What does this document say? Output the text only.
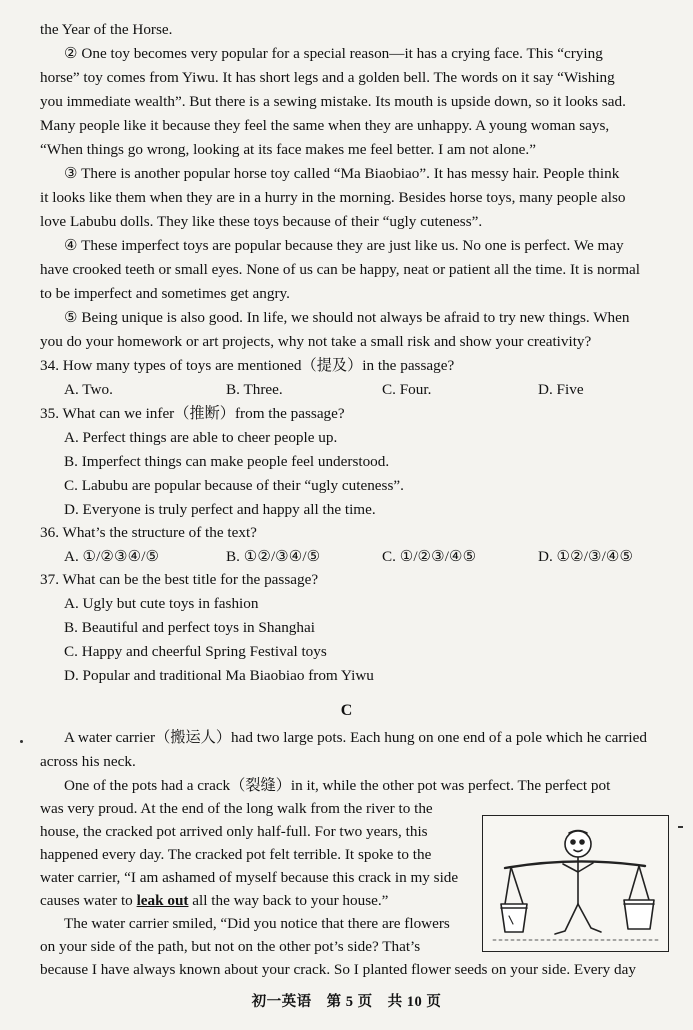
the Year of the Horse.
② One toy becomes very popular for a special reason—it has a crying face. This “crying
horse” toy comes from Yiwu. It has short legs and a golden bell. The words on it say “Wishing
you immediate wealth”. But there is a sewing mistake. Its mouth is upside down, so it looks sad.
Many people like it because they feel the same when they are unhappy. A young woman says,
“When things go wrong, looking at its face makes me feel better. I am not alone.”
③ There is another popular horse toy called “Ma Biaobiao”. It has messy hair. People think
it looks like them when they are in a hurry in the morning. Besides horse toys, many people also
love Labubu dolls. They like these toys because of their “ugly cuteness”.
④ These imperfect toys are popular because they are just like us. No one is perfect. We may
have crooked teeth or small eyes. None of us can be happy, neat or patient all the time. It is normal
to be imperfect and sometimes get angry.
⑤ Being unique is also good. In life, we should not always be afraid to try new things. When
you do your homework or art projects, why not take a small risk and show your creativity?
34. How many types of toys are mentioned（提及）in the passage?
A. Two.	B. Three.	C. Four.	D. Five
35. What can we infer（推断）from the passage?
A. Perfect things are able to cheer people up.
B. Imperfect things can make people feel understood.
C. Labubu are popular because of their “ugly cuteness”.
D. Everyone is truly perfect and happy all the time.
36. What’s the structure of the text?
A. ①/②③④/⑤	B. ①②/③④/⑤	C. ①/②③/④⑤	D. ①②/③/④⑤
37. What can be the best title for the passage?
A. Ugly but cute toys in fashion
B. Beautiful and perfect toys in Shanghai
C. Happy and cheerful Spring Festival toys
D. Popular and traditional Ma Biaobiao from Yiwu
C
A water carrier（搬运人）had two large pots. Each hung on one end of a pole which he carried
across his neck.
One of the pots had a crack（裂缝）in it, while the other pot was perfect. The perfect pot
was very proud. At the end of the long walk from the river to the
house, the cracked pot arrived only half-full. For two years, this
happened every day. The cracked pot felt terrible. It spoke to the
water carrier, “I am ashamed of myself because this crack in my side
causes water to leak out all the way back to your house.”
The water carrier smiled, “Did you notice that there are flowers
on your side of the path, but not on the other pot’s side? That’s
because I have always known about your crack. So I planted flower seeds on your side. Every day
初一英语　第 5 页　共 10 页
